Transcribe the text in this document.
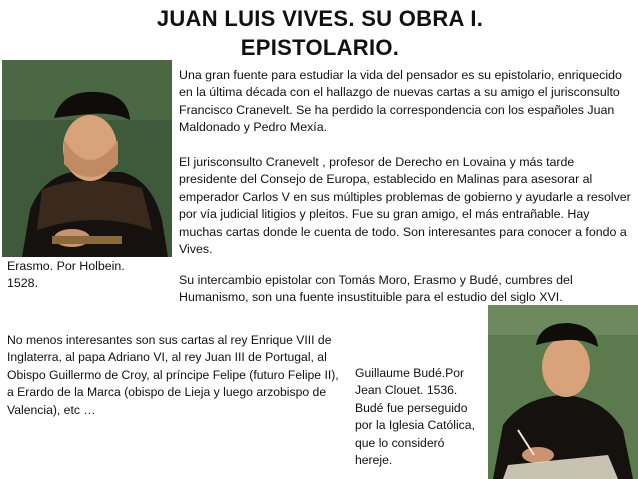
JUAN LUIS VIVES. SU OBRA I.
EPISTOLARIO.

Una gran fuente para estudiar la vida del pensador es su epistolario, enriquecido en la última década con el hallazgo de nuevas cartas a su amigo el jurisconsulto Francisco Cranevelt. Se ha perdido la correspondencia con los españoles Juan Maldonado y Pedro Mexía.

El jurisconsulto Cranevelt , profesor de Derecho en Lovaina y más tarde presidente del Consejo de Europa, establecido en Malinas para asesorar al emperador Carlos V en sus múltiples problemas de gobierno y ayudarle a resolver por vía judicial litigios y pleitos. Fue su gran amigo, el más entrañable. Hay muchas cartas donde le cuenta de todo. Son interesantes para conocer a fondo a Vives.

Erasmo. Por Holbein. 1528.	Su intercambio epistolar con Tomás Moro, Erasmo y Budé, cumbres del Humanismo, son una fuente insustituible para el estudio del siglo XVI.

No menos interesantes son sus cartas al rey Enrique VIII de Inglaterra, al papa Adriano VI, al rey Juan III de Portugal, al Obispo Guillermo de Croy, al príncipe Felipe (futuro Felipe II), a Erardo de la Marca (obispo de Lieja y luego arzobispo de Valencia), etc …

Guillaume Budé.Por Jean Clouet. 1536. Budé fue perseguido por la Iglesia Católica, que lo consideró hereje.
